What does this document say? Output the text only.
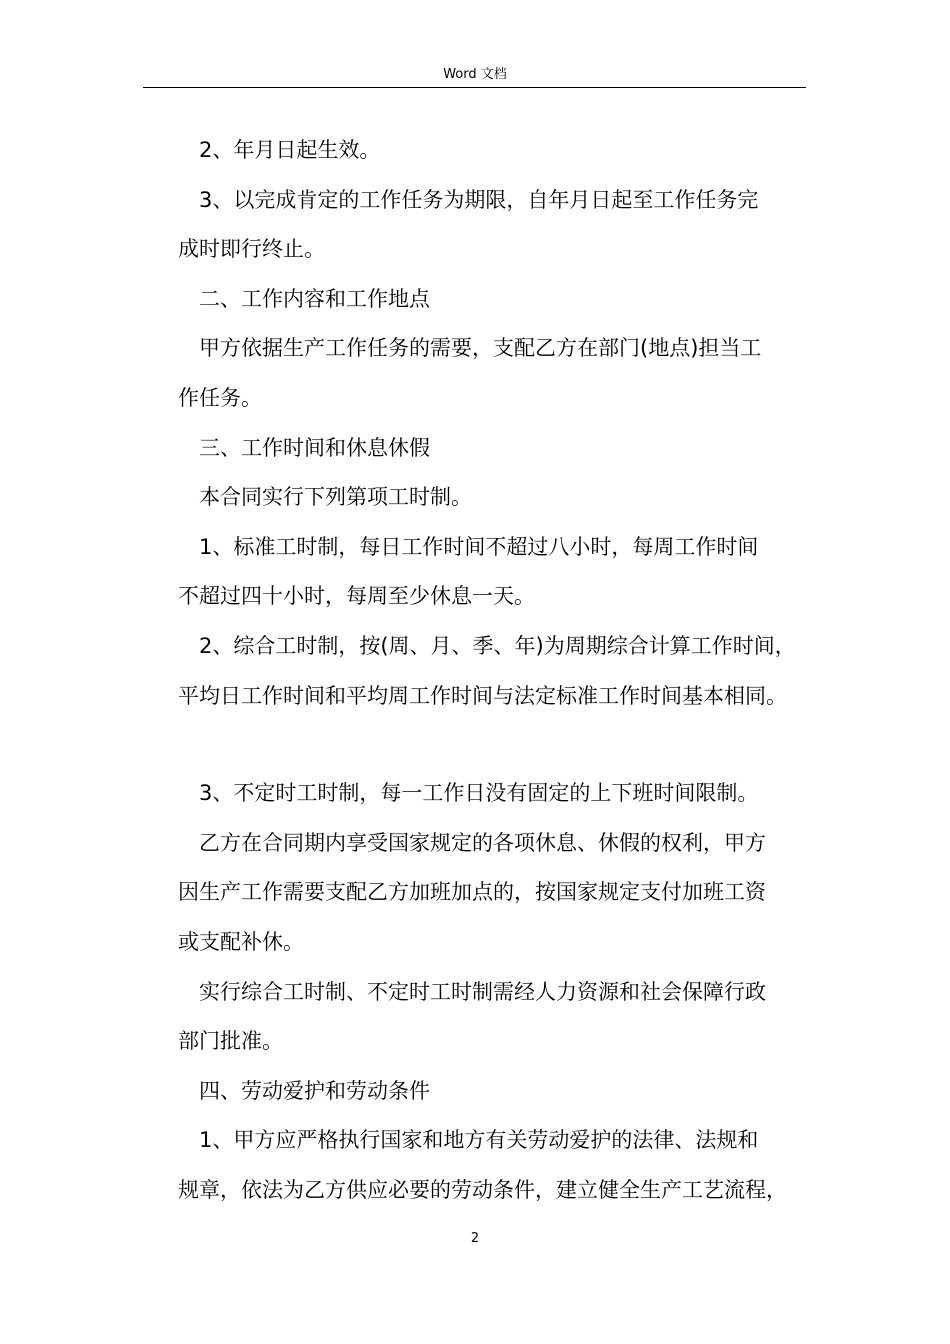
Word 文档

2、年月日起生效。

3、以完成肯定的工作任务为期限，自年月日起至工作任务完

成时即行终止。

二、工作内容和工作地点

甲方依据生产工作任务的需要，支配乙方在部门(地点)担当工

作任务。

三、工作时间和休息休假

本合同实行下列第项工时制。

1、标准工时制，每日工作时间不超过八小时，每周工作时间

不超过四十小时，每周至少休息一天。

2、综合工时制，按(周、月、季、年)为周期综合计算工作时间，

平均日工作时间和平均周工作时间与法定标准工作时间基本相同。

3、不定时工时制，每一工作日没有固定的上下班时间限制。

乙方在合同期内享受国家规定的各项休息、休假的权利，甲方

因生产工作需要支配乙方加班加点的，按国家规定支付加班工资

或支配补休。

实行综合工时制、不定时工时制需经人力资源和社会保障行政

部门批准。

四、劳动爱护和劳动条件

1、甲方应严格执行国家和地方有关劳动爱护的法律、法规和

规章，依法为乙方供应必要的劳动条件，建立健全生产工艺流程，

2
